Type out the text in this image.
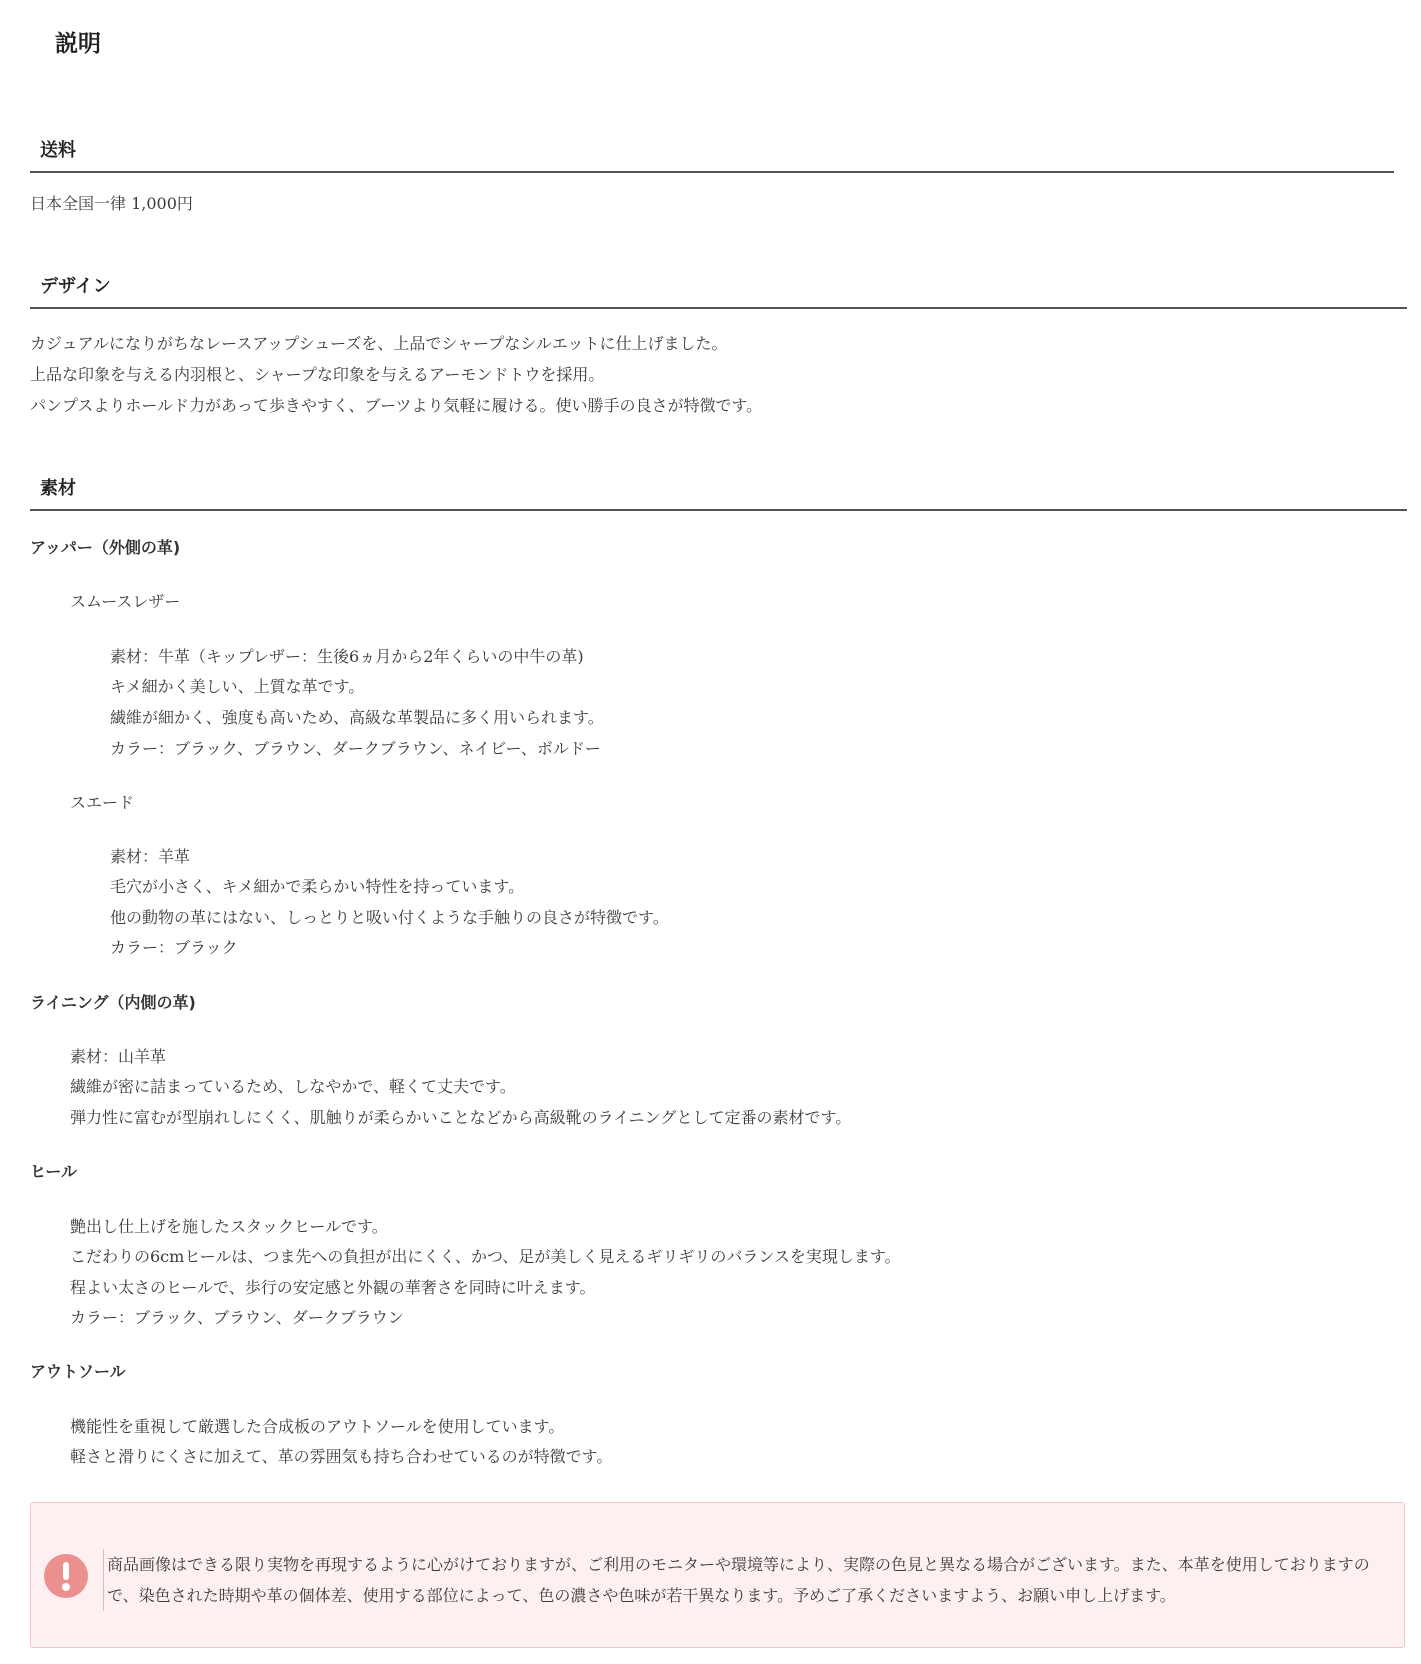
説明
送料

日本全国一律 1,000円

デザイン

カジュアルになりがちなレースアップシューズを、上品でシャープなシルエットに仕上げました。

上品な印象を与える内羽根と、シャープな印象を与えるアーモンドトウを採用。

パンプスよりホールド力があって歩きやすく、ブーツより気軽に履ける。使い勝手の良さが特徴です。

素材

アッパー（外側の革)

スムースレザー

素材：牛革（キップレザー：生後6ヵ月から2年くらいの中牛の革)

キメ細かく美しい、上質な革です。

繊維が細かく、強度も高いため、高級な革製品に多く用いられます。

カラー：ブラック、ブラウン、ダークブラウン、ネイビー、ボルドー

スエード

素材：羊革

毛穴が小さく、キメ細かで柔らかい特性を持っています。

他の動物の革にはない、しっとりと吸い付くような手触りの良さが特徴です。

カラー：ブラック

ライニング（内側の革)

素材：山羊革

繊維が密に詰まっているため、しなやかで、軽くて丈夫です。

弾力性に富むが型崩れしにくく、肌触りが柔らかいことなどから高級靴のライニングとして定番の素材です。

ヒール

艶出し仕上げを施したスタックヒールです。

こだわりの6cmヒールは、つま先への負担が出にくく、かつ、足が美しく見えるギリギリのバランスを実現します。

程よい太さのヒールで、歩行の安定感と外観の華奢さを同時に叶えます。

カラー：ブラック、ブラウン、ダークブラウン

アウトソール

機能性を重視して厳選した合成板のアウトソールを使用しています。

軽さと滑りにくさに加えて、革の雰囲気も持ち合わせているのが特徴です。

商品画像はできる限り実物を再現するように心がけておりますが、ご利用のモニターや環境等により、実際の色見と異なる場合がございます。また、本革を使用しておりますので、染色された時期や革の個体差、使用する部位によって、色の濃さや色味が若干異なります。予めご了承くださいますよう、お願い申し上げます。
